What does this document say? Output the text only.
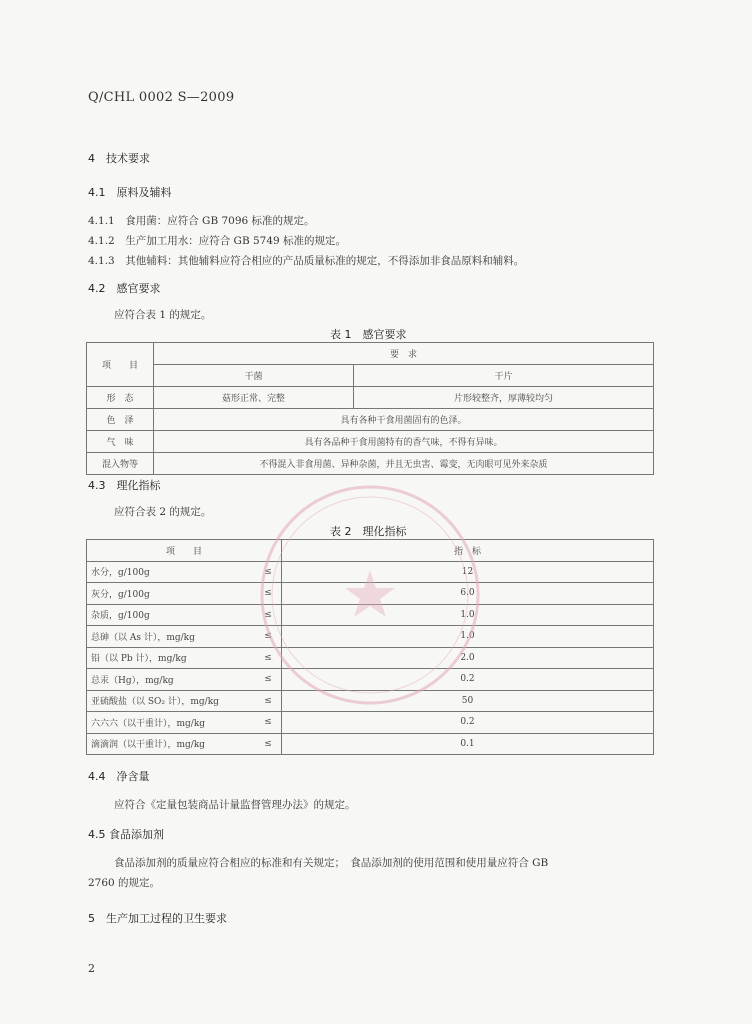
Q/CHL 0002 S—2009
4　技术要求
4.1　原料及辅料
4.1.1　食用菌：应符合 GB 7096 标准的规定。
4.1.2　生产加工用水：应符合 GB 5749 标准的规定。
4.1.3　其他辅料：其他辅料应符合相应的产品质量标准的规定，不得添加非食品原料和辅料。
4.2　感官要求
应符合表 1 的规定。
表 1　感官要求
项　　目	要　求	
	干菌	干片
形　态	菇形正常、完整	片形较整齐，厚薄较均匀
色　泽	具有各种干食用菌固有的色泽。	
气　味	具有各品种干食用菌特有的香气味，不得有异味。	
混入物等	不得混入非食用菌、异种杂菌，并且无虫害、霉变，无肉眼可见外来杂质	
4.3　理化指标
应符合表 2 的规定。
表 2　理化指标
项　　目		指　标
水分，g/100g	≤	12
灰分，g/100g	≤	6.0
杂质，g/100g	≤	1.0
总砷（以 As 计），mg/kg	≤	1.0
铅（以 Pb 计），mg/kg	≤	2.0
总汞（Hg），mg/kg	≤	0.2
亚硫酸盐（以 SO₂ 计），mg/kg	≤	50
六六六（以干重计），mg/kg	≤	0.2
滴滴润（以干重计），mg/kg	≤	0.1
4.4　净含量
应符合《定量包装商品计量监督管理办法》的规定。
4.5 食品添加剂
食品添加剂的质量应符合相应的标准和有关规定；　食品添加剂的使用范围和使用量应符合 GB
2760 的规定。
5　生产加工过程的卫生要求
2
